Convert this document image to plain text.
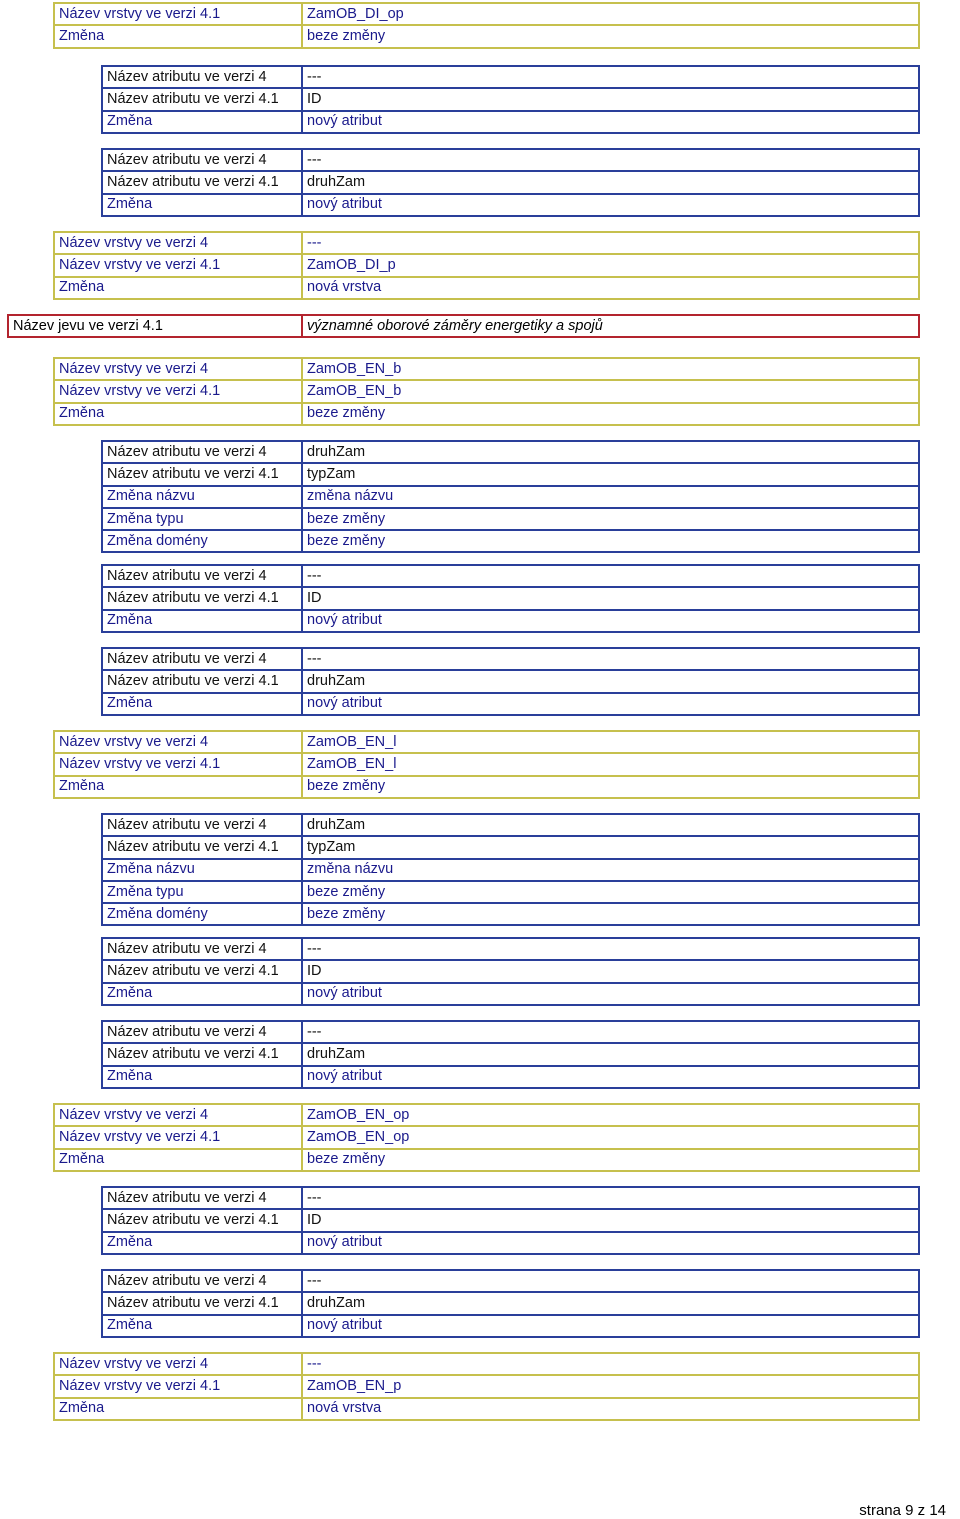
Název vrstvy ve verzi 4.1	ZamOB_DI_op
Změna	beze změny
Název atributu ve verzi 4	---
Název atributu ve verzi 4.1	ID
Změna	nový atribut
Název atributu ve verzi 4	---
Název atributu ve verzi 4.1	druhZam
Změna	nový atribut
Název vrstvy ve verzi 4	---
Název vrstvy ve verzi 4.1	ZamOB_DI_p
Změna	nová vrstva
Název jevu ve verzi 4.1	významné oborové záměry energetiky a spojů
Název vrstvy ve verzi 4	ZamOB_EN_b
Název vrstvy ve verzi 4.1	ZamOB_EN_b
Změna	beze změny
Název atributu ve verzi 4	druhZam
Název atributu ve verzi 4.1	typZam
Změna názvu	změna názvu
Změna typu	beze změny
Změna domény	beze změny
Název atributu ve verzi 4	---
Název atributu ve verzi 4.1	ID
Změna	nový atribut
Název atributu ve verzi 4	---
Název atributu ve verzi 4.1	druhZam
Změna	nový atribut
Název vrstvy ve verzi 4	ZamOB_EN_l
Název vrstvy ve verzi 4.1	ZamOB_EN_l
Změna	beze změny
Název atributu ve verzi 4	druhZam
Název atributu ve verzi 4.1	typZam
Změna názvu	změna názvu
Změna typu	beze změny
Změna domény	beze změny
Název atributu ve verzi 4	---
Název atributu ve verzi 4.1	ID
Změna	nový atribut
Název atributu ve verzi 4	---
Název atributu ve verzi 4.1	druhZam
Změna	nový atribut
Název vrstvy ve verzi 4	ZamOB_EN_op
Název vrstvy ve verzi 4.1	ZamOB_EN_op
Změna	beze změny
Název atributu ve verzi 4	---
Název atributu ve verzi 4.1	ID
Změna	nový atribut
Název atributu ve verzi 4	---
Název atributu ve verzi 4.1	druhZam
Změna	nový atribut
Název vrstvy ve verzi 4	---
Název vrstvy ve verzi 4.1	ZamOB_EN_p
Změna	nová vrstva
strana 9 z 14
